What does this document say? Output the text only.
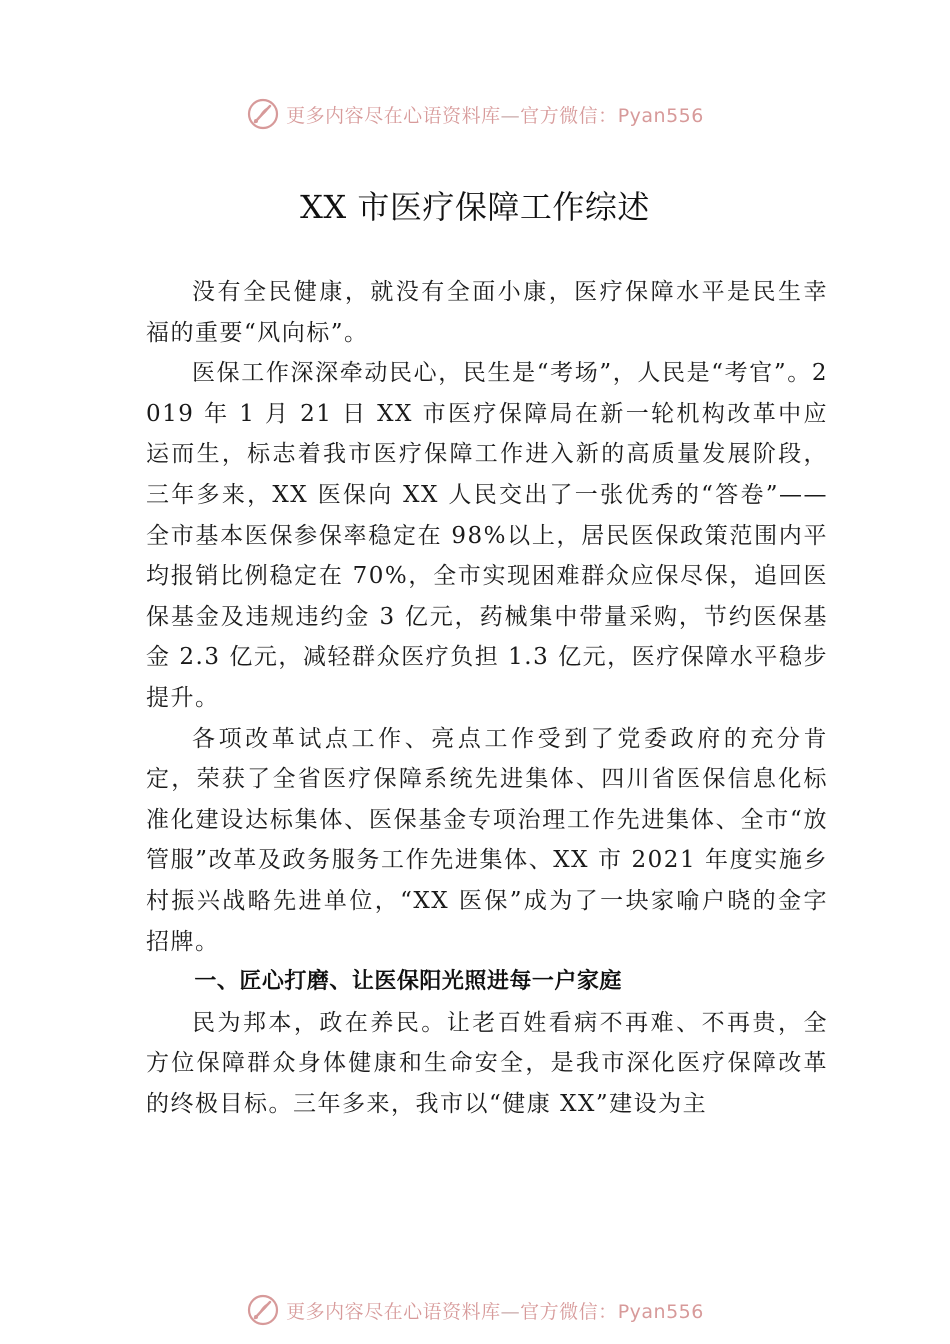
更多内容尽在心语资料库—官方微信：Pyan556
XX 市医疗保障工作综述

没有全民健康，就没有全面小康，医疗保障水平是民生幸福的重要“风向标”。

医保工作深深牵动民心，民生是“考场”，人民是“考官”。2019 年 1 月 21 日 XX 市医疗保障局在新一轮机构改革中应运而生，标志着我市医疗保障工作进入新的高质量发展阶段，三年多来，XX 医保向 XX 人民交出了一张优秀的“答卷”——全市基本医保参保率稳定在 98%以上，居民医保政策范围内平均报销比例稳定在 70%，全市实现困难群众应保尽保，追回医保基金及违规违约金 3 亿元，药械集中带量采购，节约医保基金 2.3 亿元，减轻群众医疗负担 1.3 亿元，医疗保障水平稳步提升。

各项改革试点工作、亮点工作受到了党委政府的充分肯定，荣获了全省医疗保障系统先进集体、四川省医保信息化标准化建设达标集体、医保基金专项治理工作先进集体、全市“放管服”改革及政务服务工作先进集体、XX 市 2021 年度实施乡村振兴战略先进单位，“XX 医保”成为了一块家喻户晓的金字招牌。

一、匠心打磨、让医保阳光照进每一户家庭

民为邦本，政在养民。让老百姓看病不再难、不再贵，全方位保障群众身体健康和生命安全，是我市深化医疗保障改革的终极目标。三年多来，我市以“健康 XX”建设为主

更多内容尽在心语资料库—官方微信：Pyan556
